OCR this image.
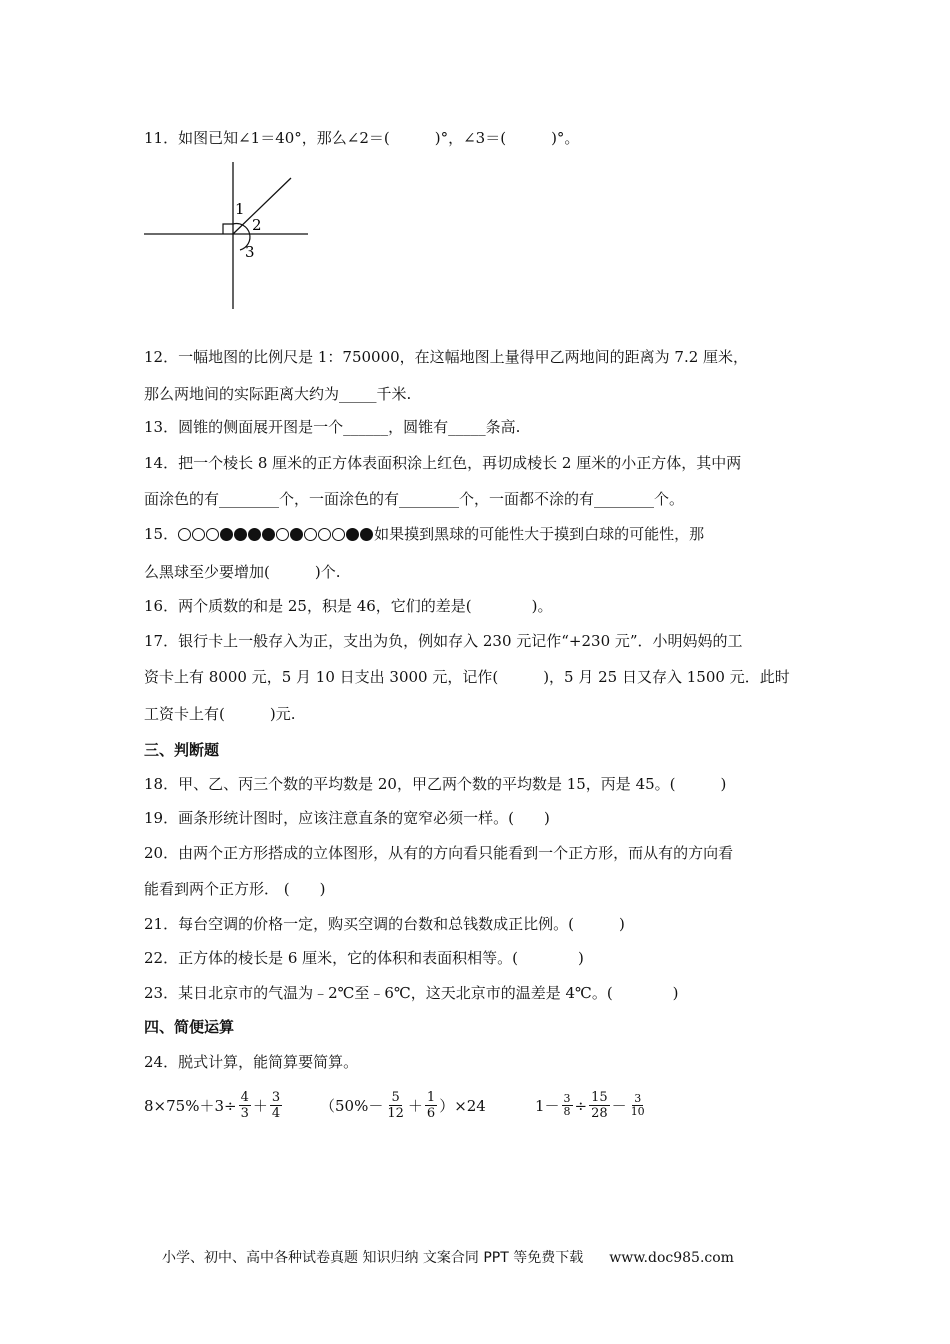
11．如图已知∠1＝40°，那么∠2＝(　　　)°，∠3＝(　　　)°。
1
2
3
12．一幅地图的比例尺是 1：750000，在这幅地图上量得甲乙两地间的距离为 7.2 厘米，
那么两地间的实际距离大约为_____千米.
13．圆锥的侧面展开图是一个______，圆锥有_____条高.
14．把一个棱长 8 厘米的正方体表面积涂上红色，再切成棱长 2 厘米的小正方体，其中两
面涂色的有________个，一面涂色的有________个，一面都不涂的有________个。
15．	如果摸到黑球的可能性大于摸到白球的可能性，那
么黑球至少要增加(　　　)个.
16．两个质数的和是 25，积是 46，它们的差是(　　　　)。
17．银行卡上一般存入为正，支出为负，例如存入 230 元记作“+230 元”．小明妈妈的工
资卡上有 8000 元，5 月 10 日支出 3000 元，记作(　　　)，5 月 25 日又存入 1500 元．此时
工资卡上有(　　　)元.
三、判断题
18．甲、乙、丙三个数的平均数是 20，甲乙两个数的平均数是 15，丙是 45。(　　　)
19．画条形统计图时，应该注意直条的宽窄必须一样。(　　)
20．由两个正方形搭成的立体图形，从有的方向看只能看到一个正方形，而从有的方向看
能看到两个正方形． (　　)
21．每台空调的价格一定，购买空调的台数和总钱数成正比例。(　　　)
22．正方体的棱长是 6 厘米，它的体积和表面积相等。(　　　　)
23．某日北京市的气温为﹣2℃至﹣6℃，这天北京市的温差是 4℃。(　　　　)
四、简便运算
24．脱式计算，能简算要简算。
$8\times 75\%+3\div \frac{4}{3} + \frac{3}{4}$	$(50\%- \frac{5}{12} + \frac{1}{6} )\times 24$	$1- \frac{3}{8} \div \frac{15}{28} - \frac{3}{10}$
小学、初中、高中各种试卷真题 知识归纳 文案合同 PPT 等免费下载 www.doc985.com
